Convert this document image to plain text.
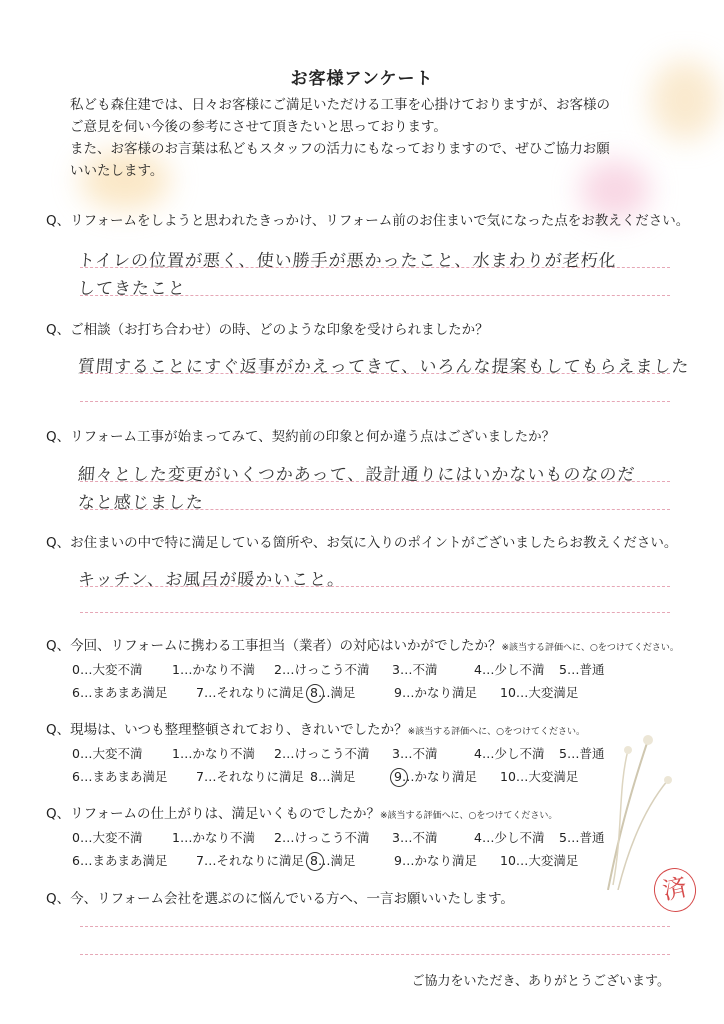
お客様アンケート
私ども森住建では、日々お客様にご満足いただける工事を心掛けておりますが、お客様の
ご意見を伺い今後の参考にさせて頂きたいと思っております。
また、お客様のお言葉は私どもスタッフの活力にもなっておりますので、ぜひご協力お願
いいたします。
Q、リフォームをしようと思われたきっかけ、リフォーム前のお住まいで気になった点をお教えください。
トイレの位置が悪く、使い勝手が悪かったこと、水まわりが老朽化
してきたこと
Q、ご相談（お打ち合わせ）の時、どのような印象を受けられましたか？
質問することにすぐ返事がかえってきて、いろんな提案もしてもらえました
Q、リフォーム工事が始まってみて、契約前の印象と何か違う点はございましたか？
細々とした変更がいくつかあって、設計通りにはいかないものなのだ
なと感じました
Q、お住まいの中で特に満足している箇所や、お気に入りのポイントがございましたらお教えください。
キッチン、お風呂が暖かいこと。
Q、今回、リフォームに携わる工事担当（業者）の対応はいかがでしたか？※該当する評価へに、○をつけてください。
0…大変不満 1…かなり不満 2…けっこう不満 3…不満	4…少し不満 5…普通
6…まあまあ満足 7…それなりに満足 8…満足	9…かなり満足 10…大変満足
Q、現場は、いつも整理整頓されており、きれいでしたか？※該当する評価へに、○をつけてください。
0…大変不満 1…かなり不満 2…けっこう不満 3…不満	4…少し不満 5…普通
6…まあまあ満足 7…それなりに満足 8…満足	9…かなり満足 10…大変満足
Q、リフォームの仕上がりは、満足いくものでしたか？※該当する評価へに、○をつけてください。
0…大変不満 1…かなり不満 2…けっこう不満 3…不満	4…少し不満 5…普通
6…まあまあ満足 7…それなりに満足 8…満足	9…かなり満足 10…大変満足
Q、今、リフォーム会社を選ぶのに悩んでいる方へ、一言お願いいたします。	済
ご協力をいただき、ありがとうございます。
